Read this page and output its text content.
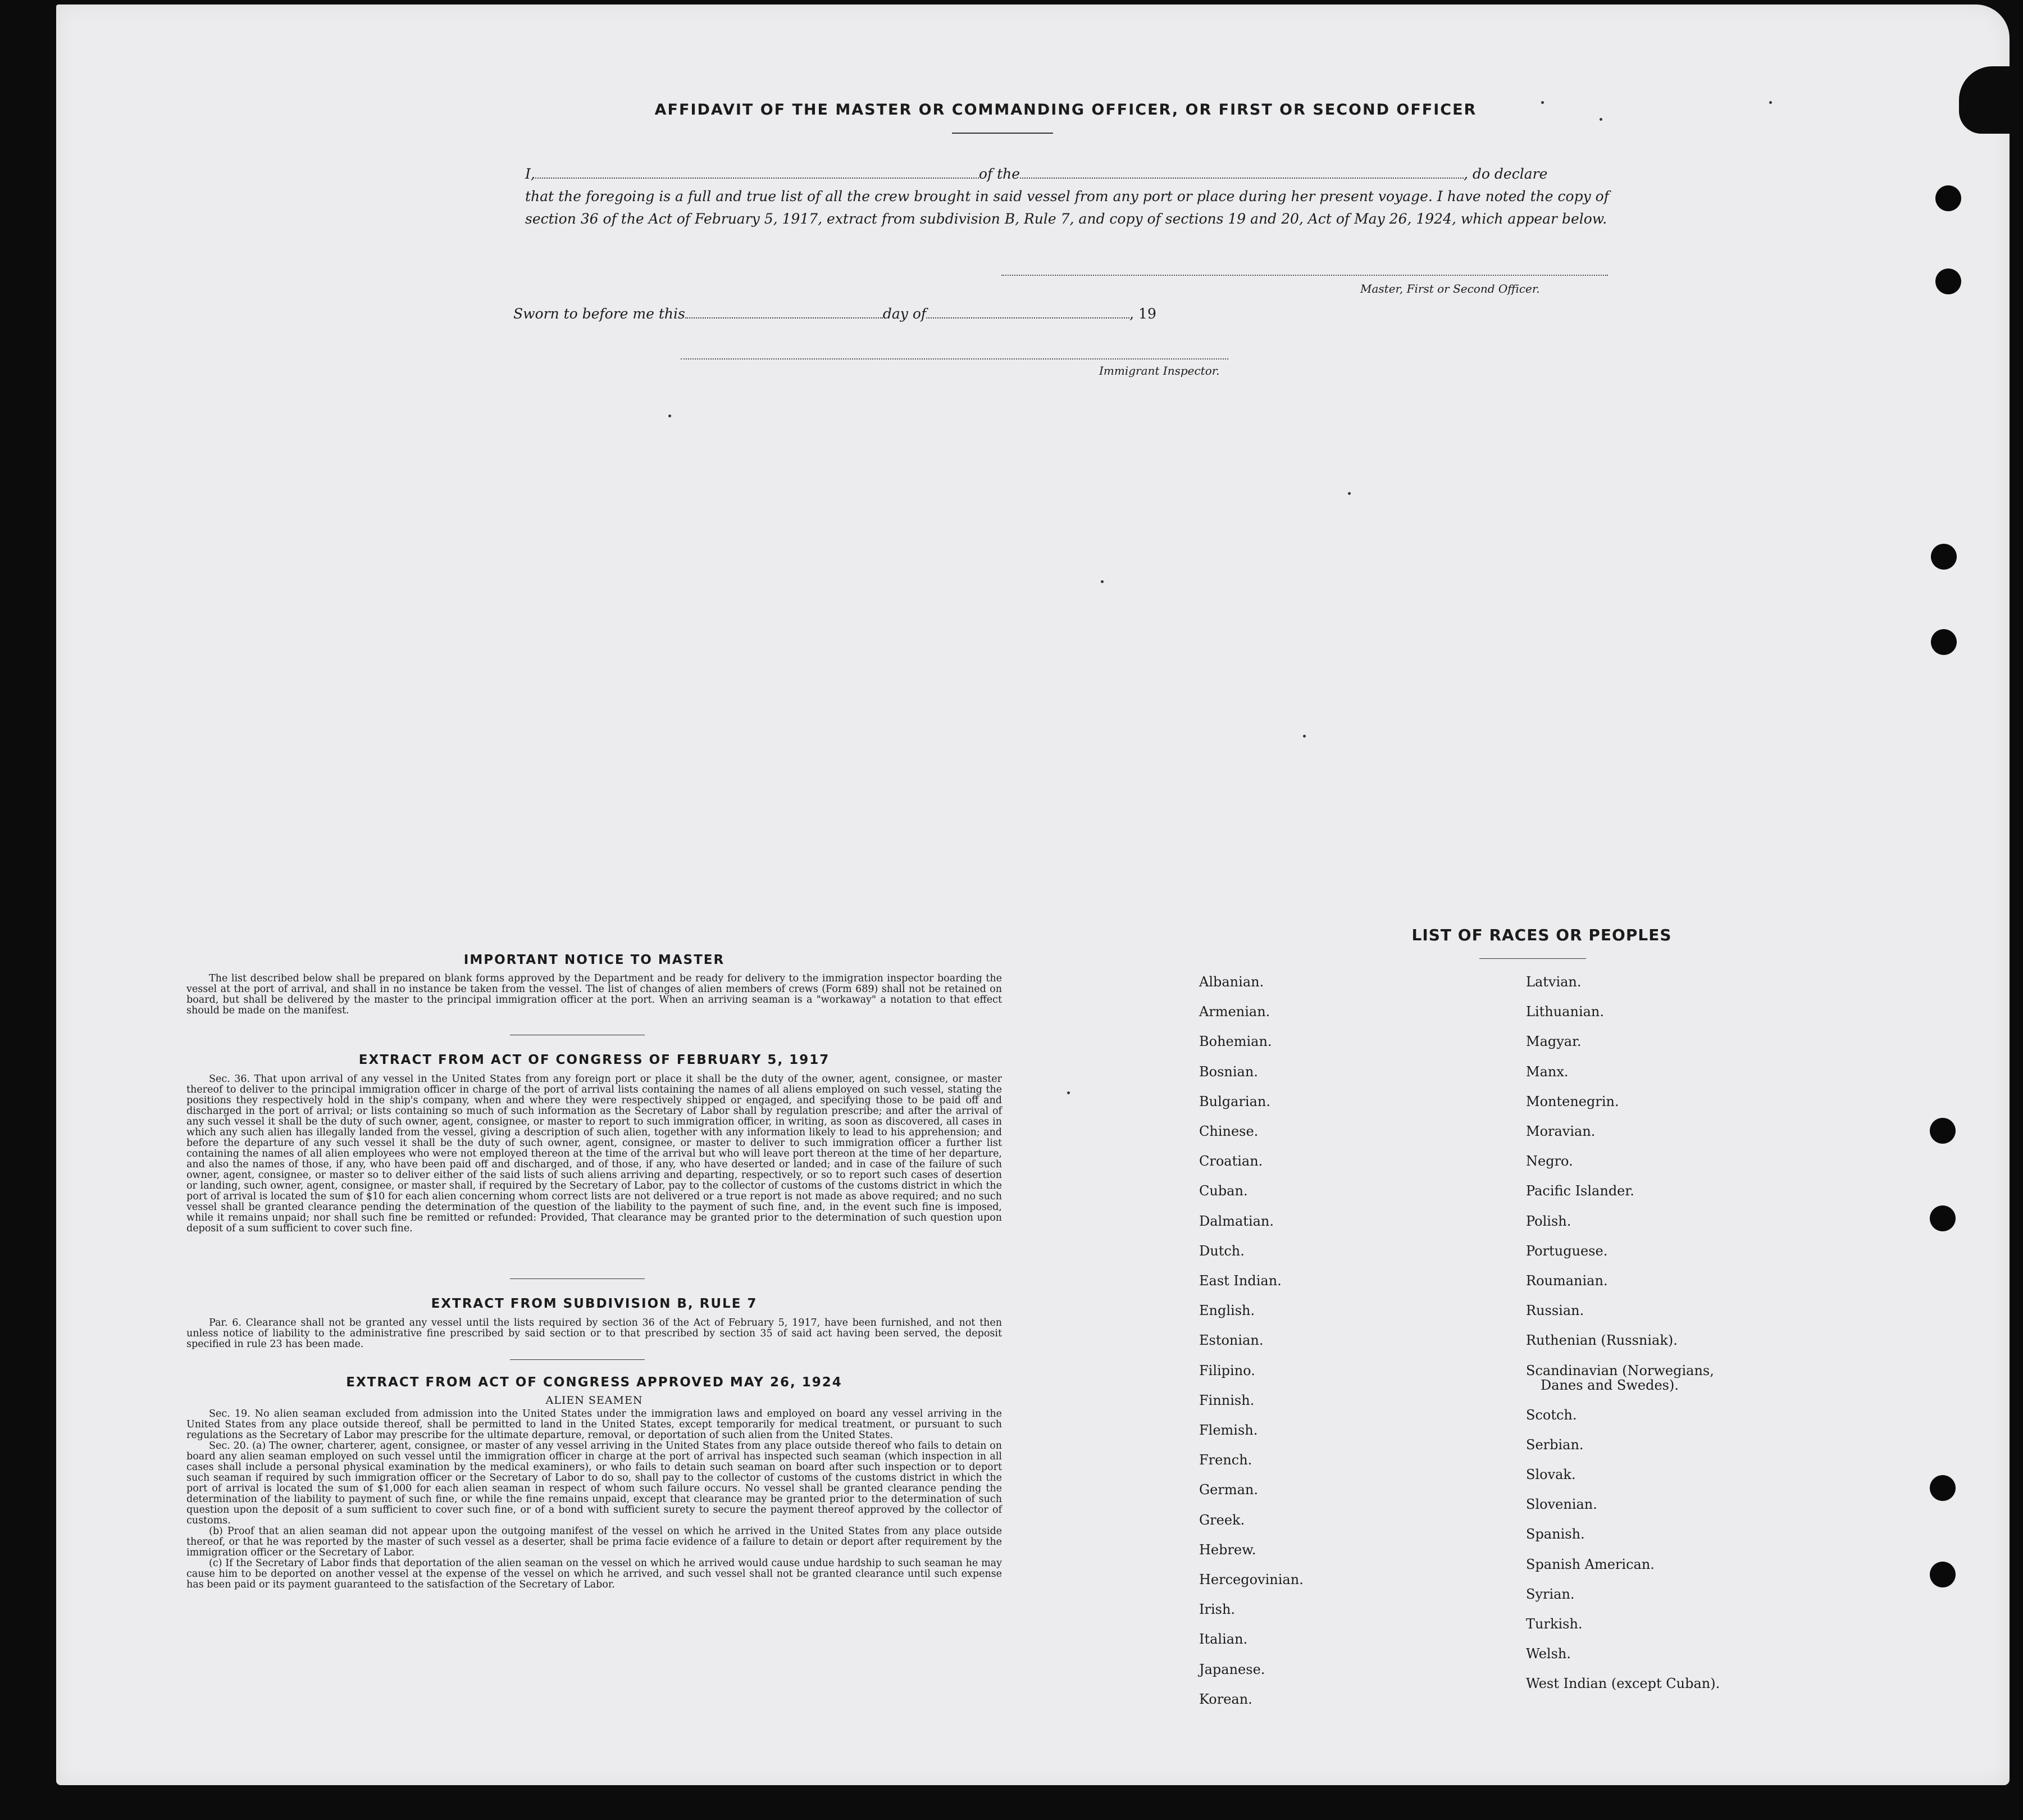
AFFIDAVIT OF THE MASTER OR COMMANDING OFFICER, OR FIRST OR SECOND OFFICER
I,	of the	, do declare
that the foregoing is a full and true list of all the crew brought in said vessel from any port or place during her present voyage. I have noted the copy of section 36 of the Act of February 5, 1917, extract from subdivision B, Rule 7, and copy of sections 19 and 20, Act of May 26, 1924, which appear below.
Master, First or Second Officer.
Sworn to before me this	day of	, 19
Immigrant Inspector.
IMPORTANT NOTICE TO MASTER

The list described below shall be prepared on blank forms approved by the Department and be ready for delivery to the immigration inspector boarding the vessel at the port of arrival, and shall in no instance be taken from the vessel. The list of changes of alien members of crews (Form 689) shall not be retained on board, but shall be delivered by the master to the principal immigration officer at the port. When an arriving seaman is a "workaway" a notation to that effect should be made on the manifest.

EXTRACT FROM ACT OF CONGRESS OF FEBRUARY 5, 1917

Sec. 36. That upon arrival of any vessel in the United States from any foreign port or place it shall be the duty of the owner, agent, consignee, or master thereof to deliver to the principal immigration officer in charge of the port of arrival lists containing the names of all aliens employed on such vessel, stating the positions they respectively hold in the ship's company, when and where they were respectively shipped or engaged, and specifying those to be paid off and discharged in the port of arrival; or lists containing so much of such information as the Secretary of Labor shall by regulation prescribe; and after the arrival of any such vessel it shall be the duty of such owner, agent, consignee, or master to report to such immigration officer, in writing, as soon as discovered, all cases in which any such alien has illegally landed from the vessel, giving a description of such alien, together with any information likely to lead to his apprehension; and before the departure of any such vessel it shall be the duty of such owner, agent, consignee, or master to deliver to such immigration officer a further list containing the names of all alien employees who were not employed thereon at the time of the arrival but who will leave port thereon at the time of her departure, and also the names of those, if any, who have been paid off and discharged, and of those, if any, who have deserted or landed; and in case of the failure of such owner, agent, consignee, or master so to deliver either of the said lists of such aliens arriving and departing, respectively, or so to report such cases of desertion or landing, such owner, agent, consignee, or master shall, if required by the Secretary of Labor, pay to the collector of customs of the customs district in which the port of arrival is located the sum of $10 for each alien concerning whom correct lists are not delivered or a true report is not made as above required; and no such vessel shall be granted clearance pending the determination of the question of the liability to the payment of such fine, and, in the event such fine is imposed, while it remains unpaid; nor shall such fine be remitted or refunded: Provided, That clearance may be granted prior to the determination of such question upon deposit of a sum sufficient to cover such fine.

EXTRACT FROM SUBDIVISION B, RULE 7

Par. 6. Clearance shall not be granted any vessel until the lists required by section 36 of the Act of February 5, 1917, have been furnished, and not then unless notice of liability to the administrative fine prescribed by said section or to that prescribed by section 35 of said act having been served, the deposit specified in rule 23 has been made.

EXTRACT FROM ACT OF CONGRESS APPROVED MAY 26, 1924
ALIEN SEAMEN

Sec. 19. No alien seaman excluded from admission into the United States under the immigration laws and employed on board any vessel arriving in the United States from any place outside thereof, shall be permitted to land in the United States, except temporarily for medical treatment, or pursuant to such regulations as the Secretary of Labor may prescribe for the ultimate departure, removal, or deportation of such alien from the United States.

Sec. 20. (a) The owner, charterer, agent, consignee, or master of any vessel arriving in the United States from any place outside thereof who fails to detain on board any alien seaman employed on such vessel until the immigration officer in charge at the port of arrival has inspected such seaman (which inspection in all cases shall include a personal physical examination by the medical examiners), or who fails to detain such seaman on board after such inspection or to deport such seaman if required by such immigration officer or the Secretary of Labor to do so, shall pay to the collector of customs of the customs district in which the port of arrival is located the sum of $1,000 for each alien seaman in respect of whom such failure occurs. No vessel shall be granted clearance pending the determination of the liability to payment of such fine, or while the fine remains unpaid, except that clearance may be granted prior to the determination of such question upon the deposit of a sum sufficient to cover such fine, or of a bond with sufficient surety to secure the payment thereof approved by the collector of customs.

(b) Proof that an alien seaman did not appear upon the outgoing manifest of the vessel on which he arrived in the United States from any place outside thereof, or that he was reported by the master of such vessel as a deserter, shall be prima facie evidence of a failure to detain or deport after requirement by the immigration officer or the Secretary of Labor.

(c) If the Secretary of Labor finds that deportation of the alien seaman on the vessel on which he arrived would cause undue hardship to such seaman he may cause him to be deported on another vessel at the expense of the vessel on which he arrived, and such vessel shall not be granted clearance until such expense has been paid or its payment guaranteed to the satisfaction of the Secretary of Labor.

LIST OF RACES OR PEOPLES
Albanian.
Armenian.
Bohemian.
Bosnian.
Bulgarian.
Chinese.
Croatian.
Cuban.
Dalmatian.
Dutch.
East Indian.
English.
Estonian.
Filipino.
Finnish.
Flemish.
French.
German.
Greek.
Hebrew.
Hercegovinian.
Irish.
Italian.
Japanese.
Korean.
Latvian.
Lithuanian.
Magyar.
Manx.
Montenegrin.
Moravian.
Negro.
Pacific Islander.
Polish.
Portuguese.
Roumanian.
Russian.
Ruthenian (Russniak).
Scandinavian (Norwegians,
Danes and Swedes).
Scotch.
Serbian.
Slovak.
Slovenian.
Spanish.
Spanish American.
Syrian.
Turkish.
Welsh.
West Indian (except Cuban).
